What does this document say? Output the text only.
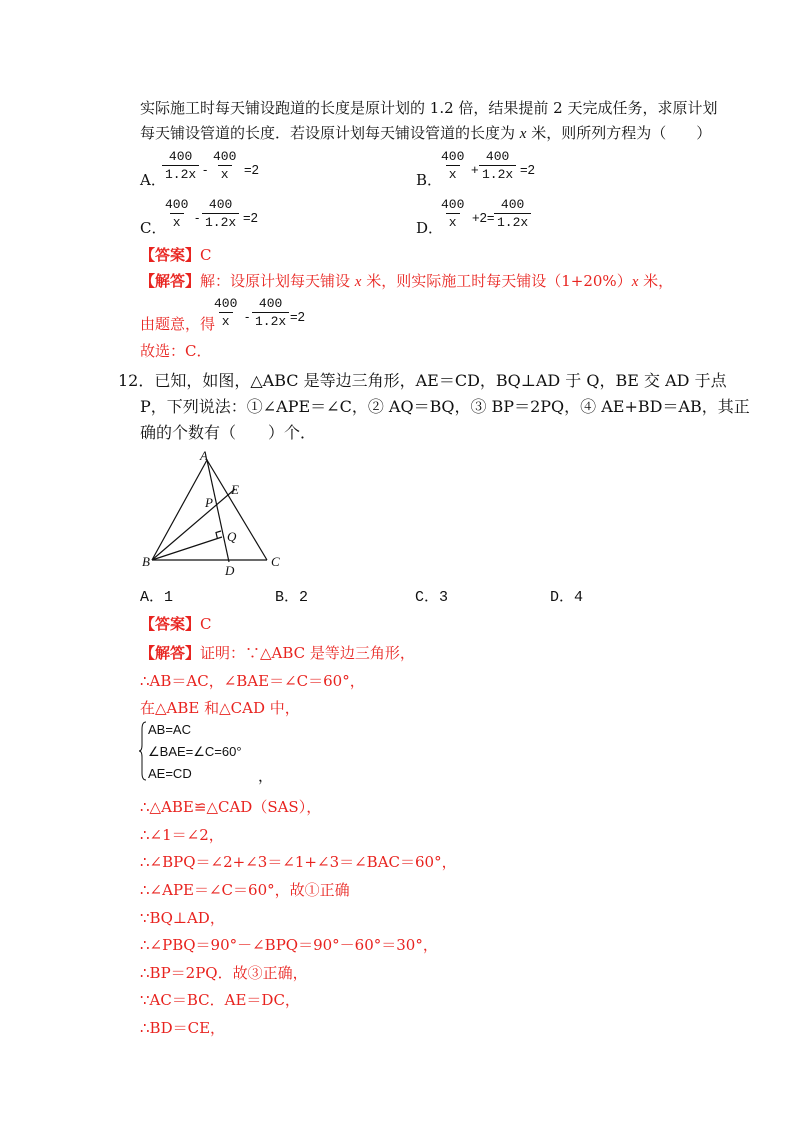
实际施工时每天铺设跑道的长度是原计划的 1.2 倍，结果提前 2 天完成任务，求原计划
每天铺设管道的长度．若设原计划每天铺设管道的长度为 x 米，则所列方程为（　　）
A．
$\frac{400}{1.2x} - \frac{400}{x} =2$
B．
$\frac{400}{x} + \frac{400}{1.2x} =2$
C．
$\frac{400}{x} - \frac{400}{1.2x} =2$
D．
$\frac{400}{x} +2= \frac{400}{1.2x}$
【答案】C
【解答】解：设原计划每天铺设 x 米，则实际施工时每天铺设（1+20%）x 米，
由题意，得
$\frac{400}{x} - \frac{400}{1.2x} =2$
故选：C．
12．已知，如图，△ABC 是等边三角形，AE＝CD，BQ⊥AD 于 Q，BE 交 AD 于点
P，下列说法：①∠APE＝∠C，② AQ＝BQ，③ BP＝2PQ，④ AE+BD＝AB，其正
确的个数有（　　）个．
A
B	C
D
E
P
Q
A．1	B．2	C．3	D．4
【答案】C
【解答】证明：∵△ABC 是等边三角形，
∴AB＝AC，∠BAE＝∠C＝60°，
在△ABE 和△CAD 中，
AB=AC
∠BAE=∠C=60°
AE=CD	，
∴△ABE≌△CAD（SAS），
∴∠1＝∠2，
∴∠BPQ＝∠2+∠3＝∠1+∠3＝∠BAC＝60°，
∴∠APE＝∠C＝60°，故①正确
∵BQ⊥AD，
∴∠PBQ＝90°－∠BPQ＝90°－60°＝30°，
∴BP＝2PQ．故③正确，
∵AC＝BC．AE＝DC，
∴BD＝CE，
